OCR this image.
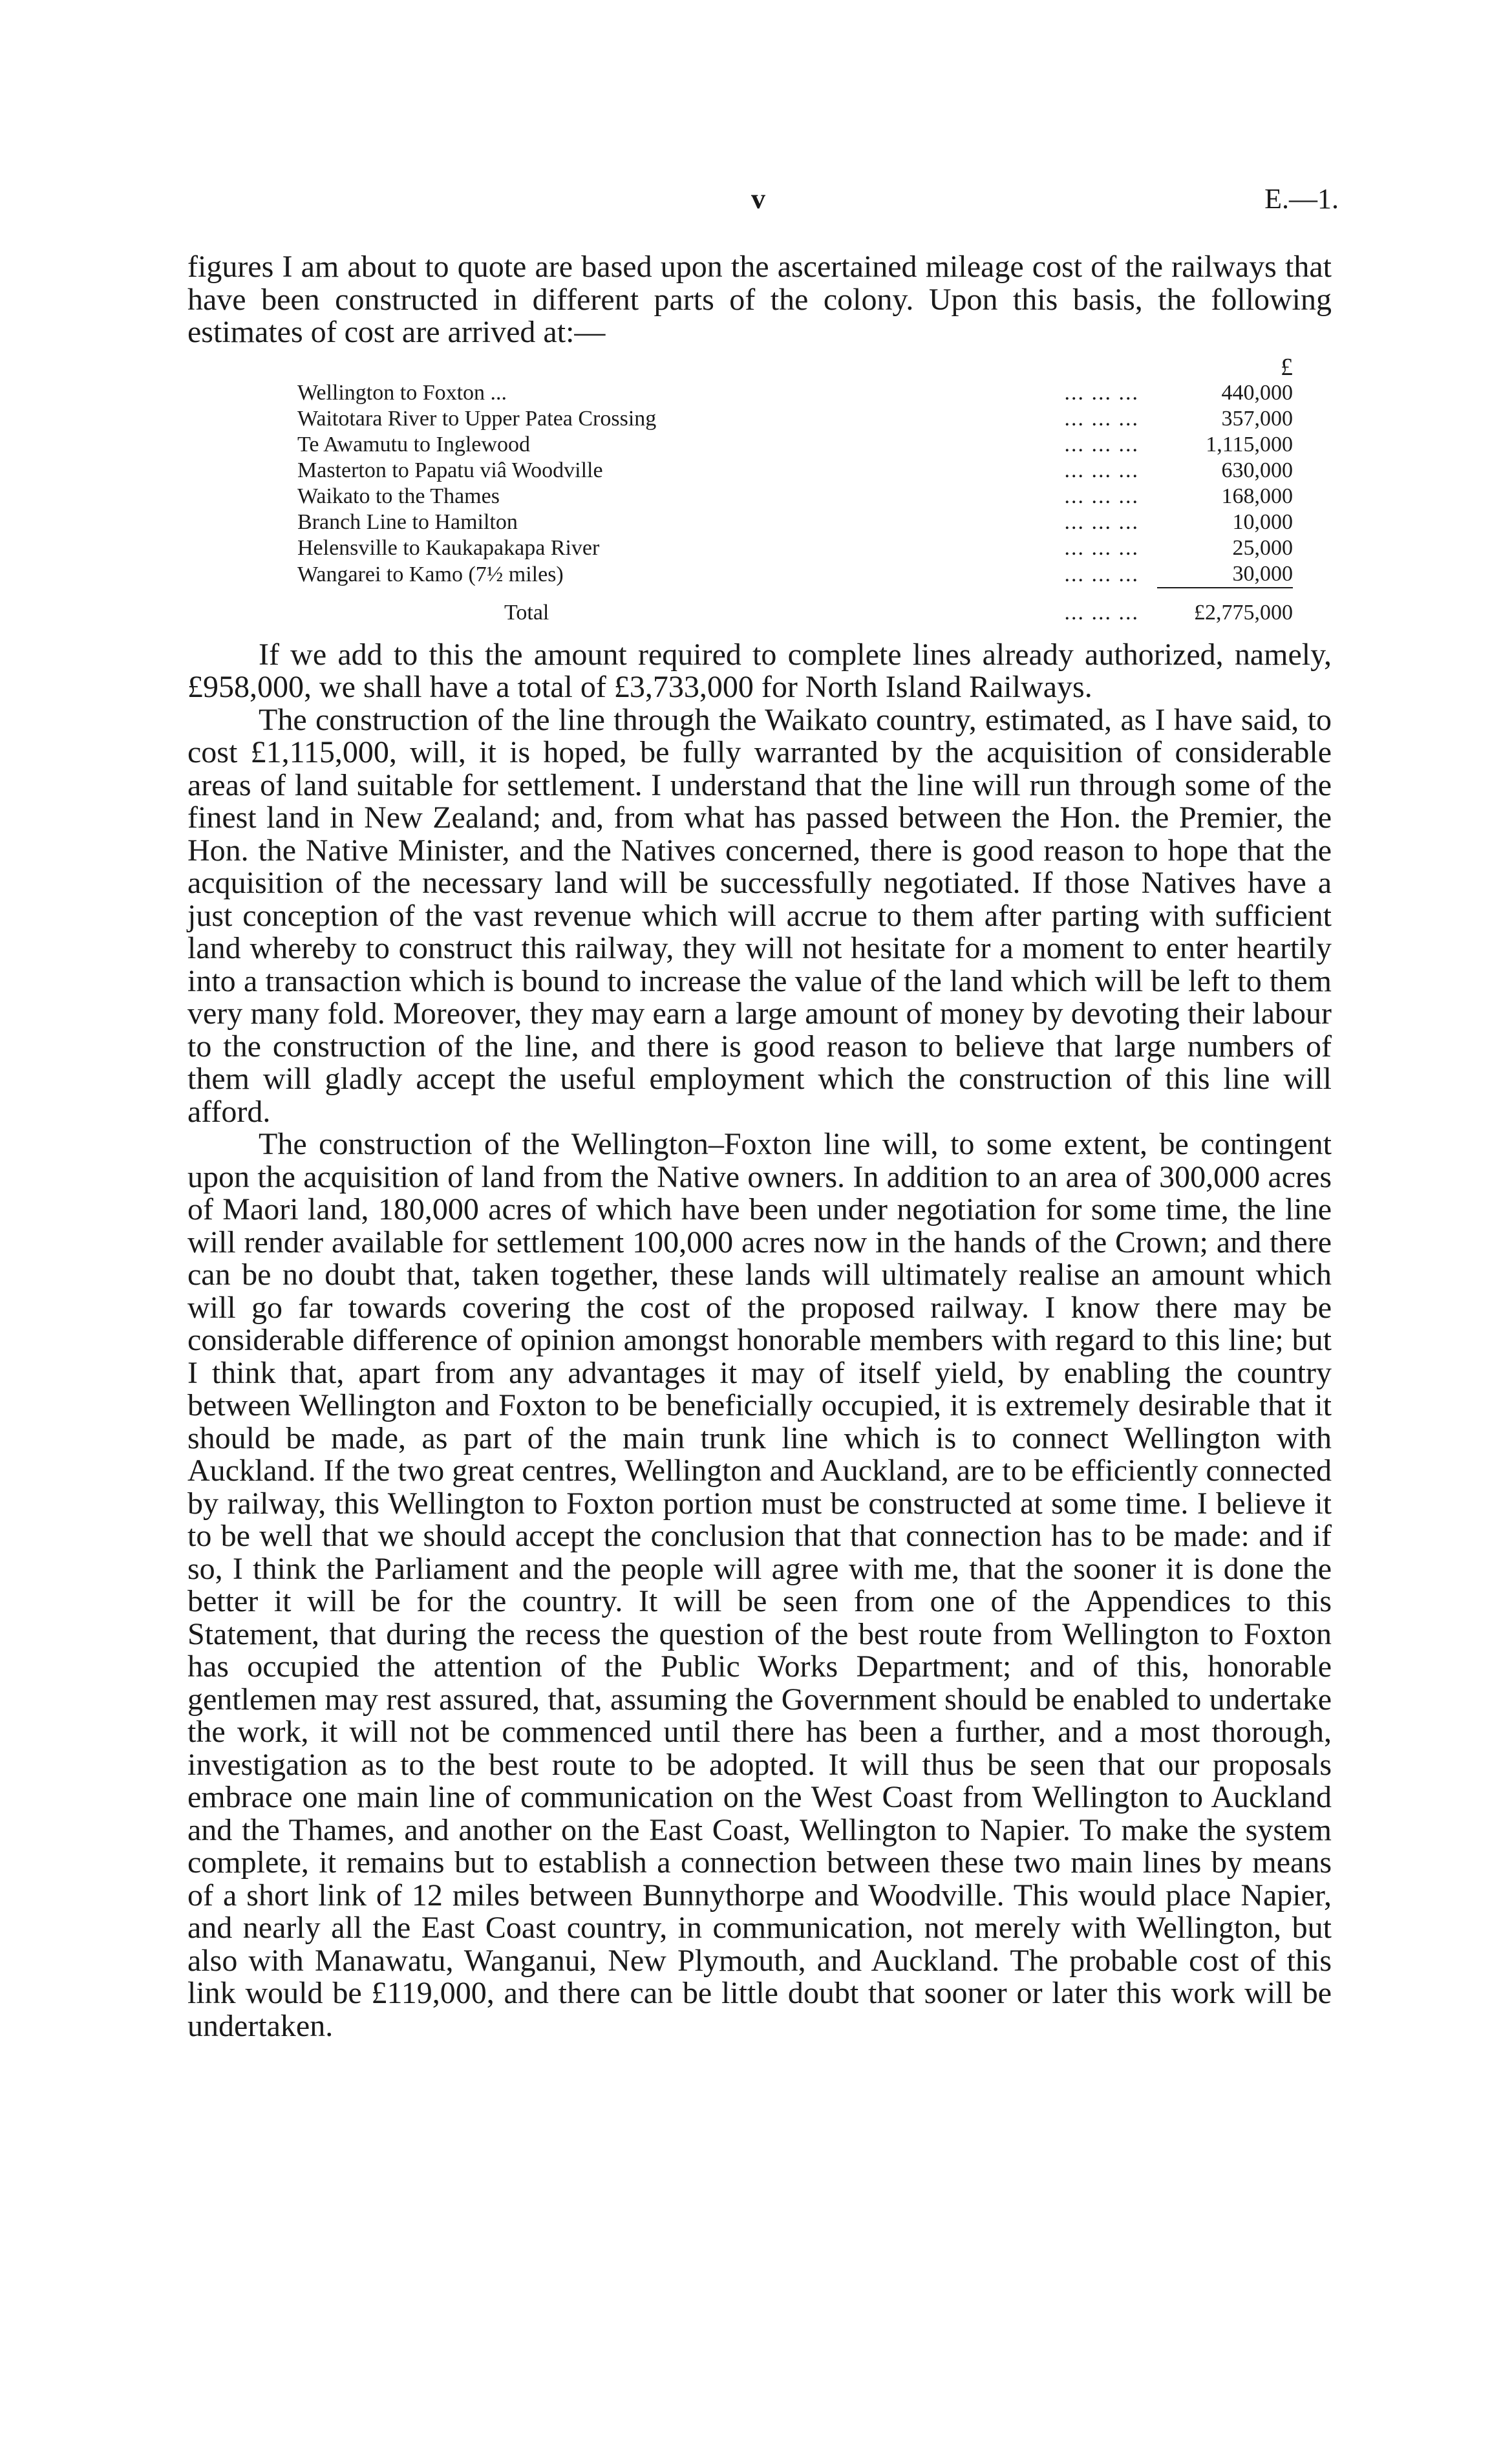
v	E.—1.

figures I am about to quote are based upon the ascertained mileage cost of the railways that have been constructed in different parts of the colony. Upon this basis, the following estimates of cost are arrived at:—

		£
Wellington to Foxton ...	... ... ...	440,000
Waitotara River to Upper Patea Crossing	... ... ...	357,000
Te Awamutu to Inglewood	... ... ...	1,115,000
Masterton to Papatu viâ Woodville	... ... ...	630,000
Waikato to the Thames	... ... ...	168,000
Branch Line to Hamilton	... ... ...	10,000
Helensville to Kaukapakapa River	... ... ...	25,000
Wangarei to Kamo (7½ miles)	... ... ...	30,000
Total	... ... ...	£2,775,000

If we add to this the amount required to complete lines already authorized, namely, £958,000, we shall have a total of £3,733,000 for North Island Railways.

The construction of the line through the Waikato country, estimated, as I have said, to cost £1,115,000, will, it is hoped, be fully warranted by the acquisition of considerable areas of land suitable for settlement. I understand that the line will run through some of the finest land in New Zealand; and, from what has passed between the Hon. the Premier, the Hon. the Native Minister, and the Natives concerned, there is good reason to hope that the acquisition of the necessary land will be successfully negotiated. If those Natives have a just conception of the vast revenue which will accrue to them after parting with sufficient land whereby to construct this railway, they will not hesitate for a moment to enter heartily into a transaction which is bound to increase the value of the land which will be left to them very many fold. Moreover, they may earn a large amount of money by devoting their labour to the construction of the line, and there is good reason to believe that large numbers of them will gladly accept the useful employment which the construction of this line will afford.

The construction of the Wellington–Foxton line will, to some extent, be contingent upon the acquisition of land from the Native owners. In addition to an area of 300,000 acres of Maori land, 180,000 acres of which have been under negotiation for some time, the line will render available for settlement 100,000 acres now in the hands of the Crown; and there can be no doubt that, taken together, these lands will ultimately realise an amount which will go far towards covering the cost of the proposed railway. I know there may be considerable difference of opinion amongst honorable members with regard to this line; but I think that, apart from any advantages it may of itself yield, by enabling the country between Wellington and Foxton to be beneficially occupied, it is extremely desirable that it should be made, as part of the main trunk line which is to connect Wellington with Auckland. If the two great centres, Wellington and Auckland, are to be efficiently connected by railway, this Wellington to Foxton portion must be constructed at some time. I believe it to be well that we should accept the conclusion that that connection has to be made: and if so, I think the Parliament and the people will agree with me, that the sooner it is done the better it will be for the country. It will be seen from one of the Appendices to this Statement, that during the recess the question of the best route from Wellington to Foxton has occupied the attention of the Public Works Department; and of this, honorable gentlemen may rest assured, that, assuming the Government should be enabled to undertake the work, it will not be commenced until there has been a further, and a most thorough, investigation as to the best route to be adopted. It will thus be seen that our proposals embrace one main line of communication on the West Coast from Wellington to Auckland and the Thames, and another on the East Coast, Wellington to Napier. To make the system complete, it remains but to establish a connection between these two main lines by means of a short link of 12 miles between Bunnythorpe and Woodville. This would place Napier, and nearly all the East Coast country, in communication, not merely with Wellington, but also with Manawatu, Wanganui, New Plymouth, and Auckland. The probable cost of this link would be £119,000, and there can be little doubt that sooner or later this work will be undertaken.
